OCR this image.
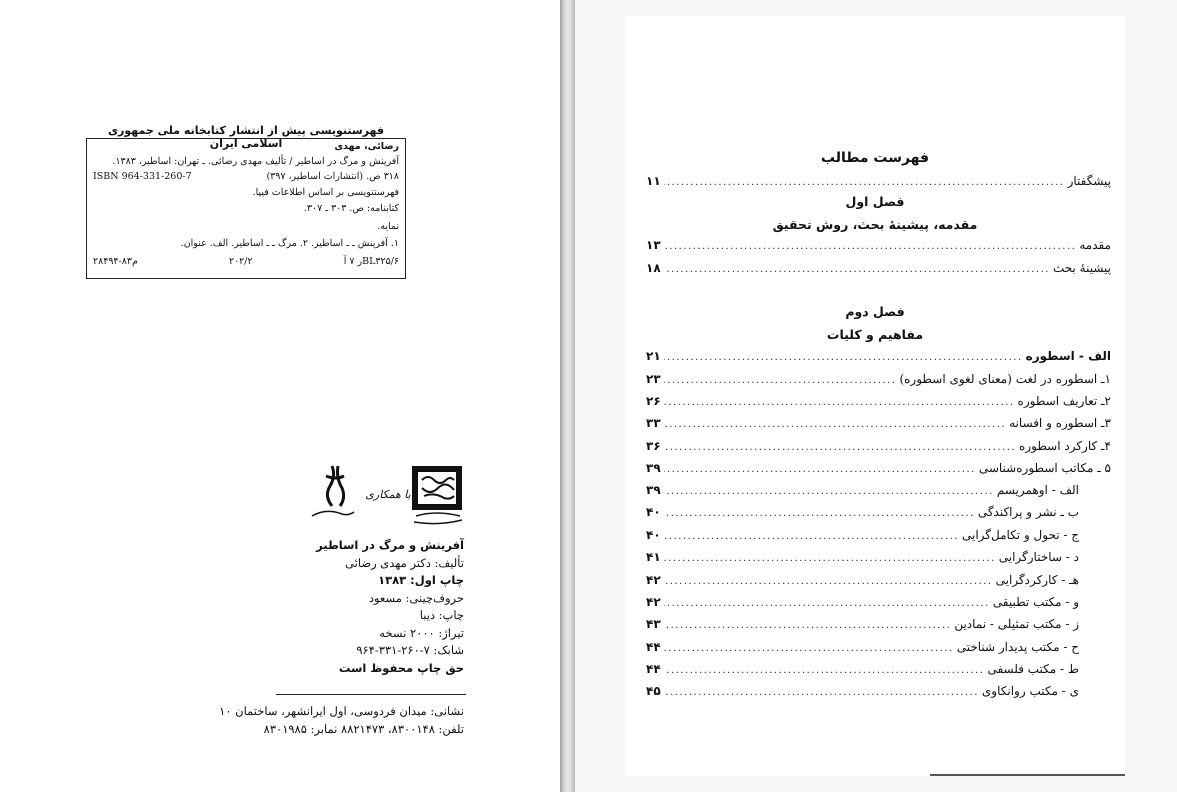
فهرستنویسی پیش از انتشار کتابخانه ملی جمهوری اسلامی ایران	رضائی، مهدی
آفرینش و مرگ در اساطیر / تألیف مهدی رضائی. ـ تهران: اساطیر، ۱۳۸۳.
۳۱۸ ص. (انتشارات اساطیر، ۳۹۷)
ISBN 964-331-260-7
فهرستنویسی بر اساس اطلاعات فیپا.
کتابنامه: ص. ۳۰۳ ـ ۳۰۷.
نمایه.
۱. آفرینش ـ ـ اساطیر. ۲. مرگ ـ ـ اساطیر. الف. عنوان.
BL۳۲۵/۶ر ۷ آ
۲۰۲/۲
م۸۳-۲۸۴۹۴
با همکاری
آفرینش و مرگ در اساطیر
تألیف: دکتر مهدی رضائی
چاپ اول: ۱۳۸۳
حروف‌چینی: مسعود
چاپ: دیبا
تیراژ: ۲۰۰۰ نسخه
شابک: ۷-۲۶۰-۳۳۱-۹۶۴
حق چاپ محفوظ است
نشانی: میدان فردوسی، اول ایرانشهر، ساختمان ۱۰
تلفن: ۸۳۰۰۱۴۸، ۸۸۲۱۴۷۳ نمابر: ۸۳۰۱۹۸۵
فهرست مطالب
پیشگفتار
.....
۱۱
فصل اول
مقدمه، پیشینهٔ بحث، روش تحقیق
مقدمه
.....
۱۳
پیشینهٔ بحث
.....
۱۸
فصل دوم
مفاهیم و کلیات
الف - اسطوره
.....
۲۱
۱ـ اسطوره در لغت (معنای لغوی اسطوره)
.....
۲۳
۲ـ تعاریف اسطوره
.....
۲۶
۳ـ اسطوره و افسانه
.....
۳۳
۴ـ کارکرد اسطوره
.....
۳۶
۵ ـ مکاتب اسطوره‌شناسی
.....
۳۹
الف - اوهمریسم
.....
۳۹
ب ـ نشر و پراکندگی
.....
۴۰
ج - تحول و تکامل‌گرایی
.....
۴۰
د - ساختارگرایی
.....
۴۱
هـ - کارکردگرایی
.....
۴۲
و - مکتب تطبیقی
.....
۴۲
ز - مکتب تمثیلی - نمادین
.....
۴۳
ح - مکتب پدیدار شناختی
.....
۴۴
ط - مکتب فلسفی
.....
۴۴
ی - مکتب روانکاوی
.....
۴۵
